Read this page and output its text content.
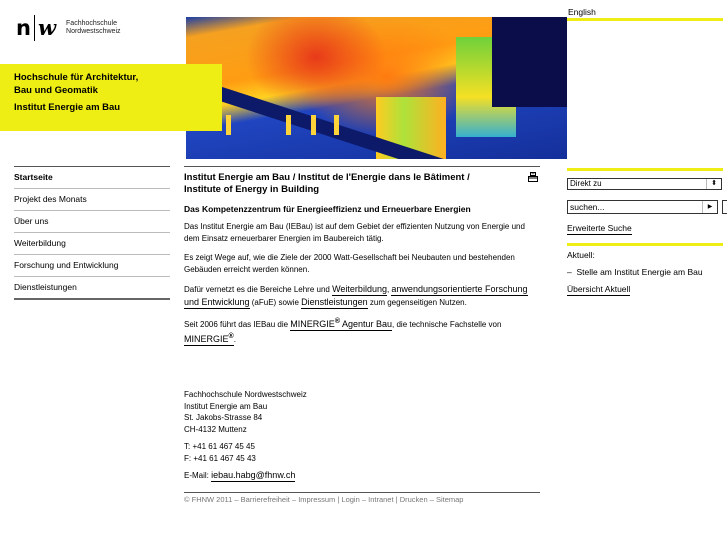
n w Fachhochschule
Nordwestschweiz
Hochschule für Architektur,
Bau und Geomatik
Institut Energie am Bau
English
Startseite
Projekt des Monats
Über uns
Weiterbildung
Forschung und Entwicklung
Dienstleistungen
Institut Energie am Bau / Institut de l'Energie dans le Bâtiment / Institute of Energy in Building
Das Kompetenzzentrum für Energieeffizienz und Erneuerbare Energien

Das Institut Energie am Bau (IEBau) ist auf dem Gebiet der effizienten Nutzung von Energie und dem Einsatz erneuerbarer Energien im Baubereich tätig.

Es zeigt Wege auf, wie die Ziele der 2000 Watt-Gesellschaft bei Neubauten und bestehenden Gebäuden erreicht werden können.

Dafür vernetzt es die Bereiche Lehre und Weiterbildung, anwendungsorientierte Forschung und Entwicklung (aFuE) sowie Dienstleistungen zum gegenseitigen Nutzen.

Seit 2006 führt das IEBau die MINERGIE® Agentur Bau, die technische Fachstelle von
MINERGIE®.

Fachhochschule Nordwestschweiz
Institut Energie am Bau
St. Jakobs-Strasse 84
CH-4132 Muttenz
T: +41 61 467 45 45
F: +41 61 467 45 43
E-Mail: iebau.habg@fhnw.ch
© FHNW 2011 – Barrierefreiheit – Impressum | Login – Intranet | Drucken – Sitemap
Direkt zu	⬍
suchen...	▶
Erweiterte Suche
Aktuell:
–  Stelle am Institut Energie am Bau
Übersicht Aktuell
